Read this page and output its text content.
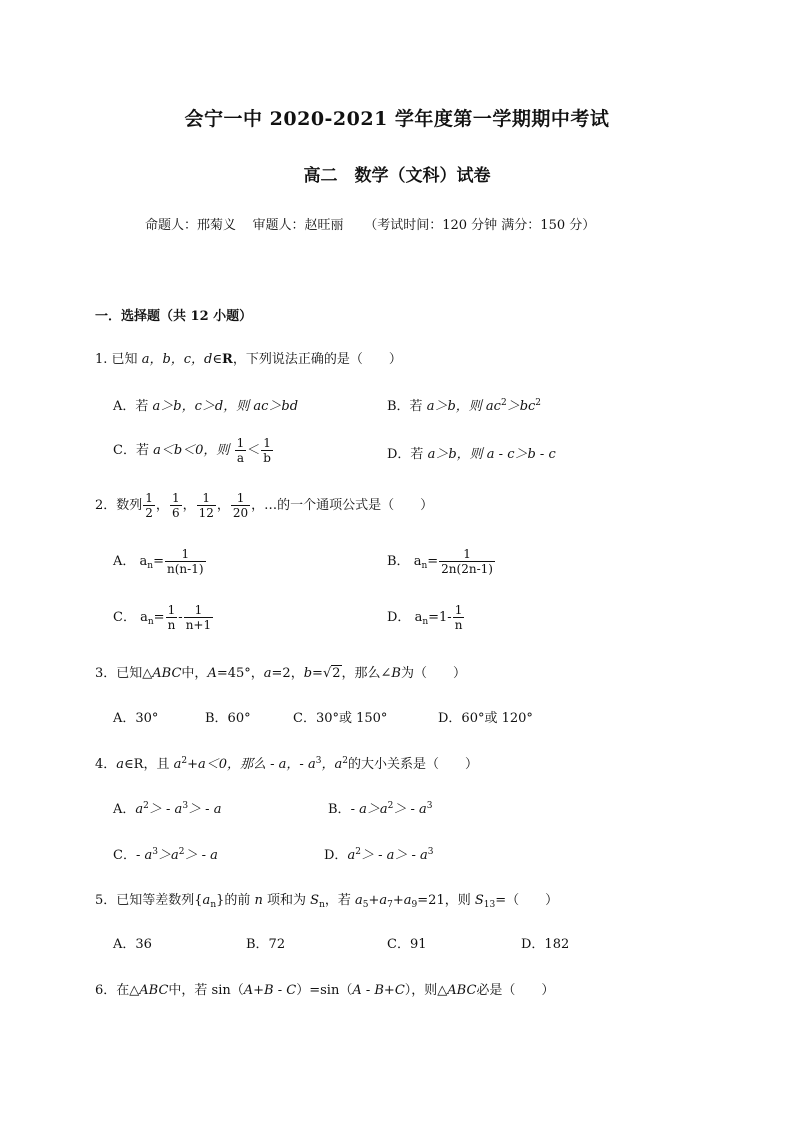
会宁一中 2020-2021 学年度第一学期期中考试
高二　数学（文科）试卷
命题人：邢菊义 审题人：赵旺丽 （考试时间：120 分钟 满分：150 分）
一．选择题（共 12 小题）
1. 已知 a，b，c，d∈R，下列说法正确的是（　　）
A．若 a＞b，c＞d，则 ac＞bd	B．若 a＞b，则 $ac^2>bc^2$
C．若 a＜b＜0，则 $\frac{1}{a} < \frac{1}{b}$	D．若 a＞b，则 a - c＞b - c
2．数列 $\frac{1}{2}$ ， $\frac{1}{6}$ ， $\frac{1}{12}$ ， $\frac{1}{20}$ ，…的一个通项公式是（　　）
A． $a_n= \frac{1}{n(n-1)}$	B． $a_n= \frac{1}{2n(2n-1)}$
C． $a_n= \frac{1}{n} - \frac{1}{n+1}$	D． $a_n=1- \frac{1}{n}$
3．已知△ABC中，A=45°，a=2，b= √ 2 ，那么∠B为（　　）
A．30°	B．60°	C．30°或 150°	D．60°或 120°
4．a∈R，且 $a^2+a<0$，那么 - a，- $a^3$，$a^2$的大小关系是（　　）
A．$a^2> - a^3> - a$	B．- $a>a^2> - a^3$
C．- $a^3>a^2> - a$	D．$a^2> - a> - a^3$
5．已知等差数列$\{a_n\}$的前 n 项和为 $S_n$，若 $a_5+a_7+a_9=21$，则 $S_{13}=$（　　）
A．36	B．72	C．91	D．182
6．在△ABC中，若 sin（A+B - C）=sin（A - B+C），则△ABC必是（　　）
